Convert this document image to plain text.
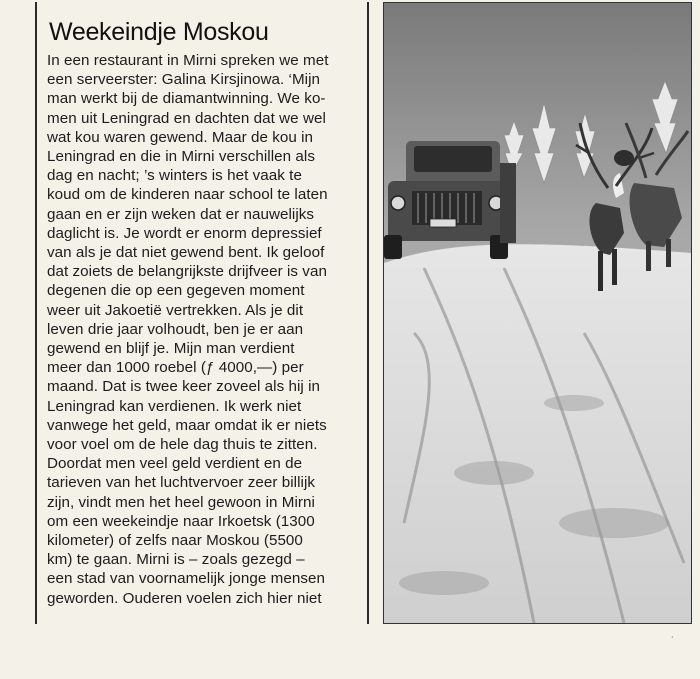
Weekeindje Moskou
In een restaurant in Mirni spreken we met
een serveerster: Galina Kirsjinowa. ‘Mijn
man werkt bij de diamantwinning. We ko-
men uit Leningrad en dachten dat we wel
wat kou waren gewend. Maar de kou in
Leningrad en die in Mirni verschillen als
dag en nacht; ’s winters is het vaak te
koud om de kinderen naar school te laten
gaan en er zijn weken dat er nauwelijks
daglicht is. Je wordt er enorm depressief
van als je dat niet gewend bent. Ik geloof
dat zoiets de belangrijkste drijfveer is van
degenen die op een gegeven moment
weer uit Jakoetië vertrekken. Als je dit
leven drie jaar volhoudt, ben je er aan
gewend en blijf je. Mijn man verdient
meer dan 1000 roebel (ƒ 4000,—) per
maand. Dat is twee keer zoveel als hij in
Leningrad kan verdienen. Ik werk niet
vanwege het geld, maar omdat ik er niets
voor voel om de hele dag thuis te zitten.
Doordat men veel geld verdient en de
tarieven van het luchtvervoer zeer billijk
zijn, vindt men het heel gewoon in Mirni
om een weekeindje naar Irkoetsk (1300
kilometer) of zelfs naar Moskou (5500
km) te gaan. Mirni is – zoals gezegd –
een stad van voornamelijk jonge mensen
geworden. Ouderen voelen zich hier niet
¸
